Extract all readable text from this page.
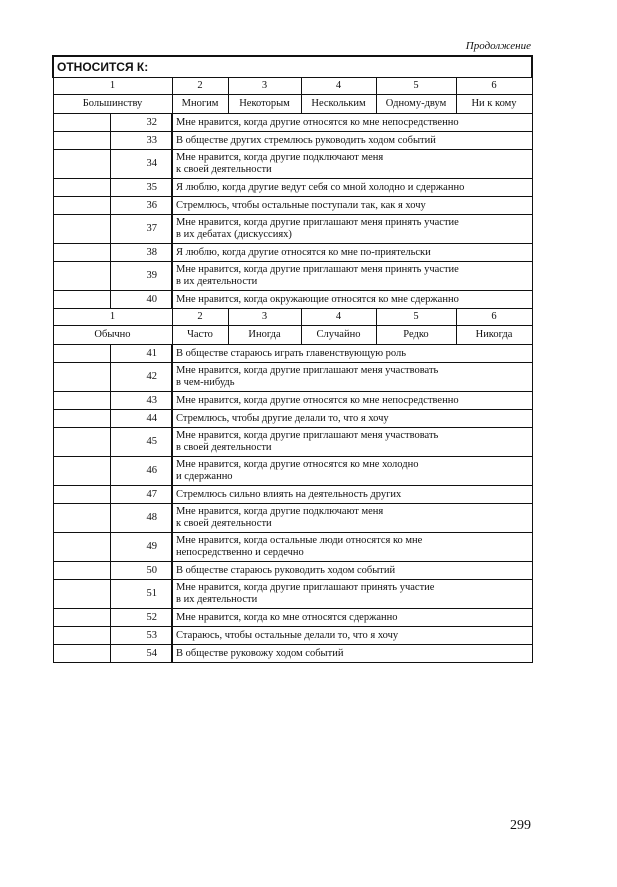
Продолжение
ОТНОСИТСЯ К:						
1		2	3	4	5	6
Большинству		Многим	Некоторым	Нескольким	Одному-двум	Ни к кому
	32	Мне нравится, когда другие относятся ко мне непосредственно				
	33	В обществе других стремлюсь руководить ходом событий				
	34	Мне нравится, когда другие подключают меня
к своей деятельности				
	35	Я люблю, когда другие ведут себя со мной холодно и сдержанно				
	36	Стремлюсь, чтобы остальные поступали так, как я хочу				
	37	Мне нравится, когда другие приглашают меня принять участие
в их дебатах (дискуссиях)				
	38	Я люблю, когда другие относятся ко мне по-приятельски				
	39	Мне нравится, когда другие приглашают меня принять участие
в их деятельности				
	40	Мне нравится, когда окружающие относятся ко мне сдержанно				
1		2	3	4	5	6
Обычно		Часто	Иногда	Случайно	Редко	Никогда
	41	В обществе стараюсь играть главенствующую роль				
	42	Мне нравится, когда другие приглашают меня участвовать
в чем-нибудь				
	43	Мне нравится, когда другие относятся ко мне непосредственно				
	44	Стремлюсь, чтобы другие делали то, что я хочу				
	45	Мне нравится, когда другие приглашают меня участвовать
в своей деятельности				
	46	Мне нравится, когда другие относятся ко мне холодно
и сдержанно				
	47	Стремлюсь сильно влиять на деятельность других				
	48	Мне нравится, когда другие подключают меня
к своей деятельности				
	49	Мне нравится, когда остальные люди относятся ко мне
непосредственно и сердечно				
	50	В обществе стараюсь руководить ходом событий				
	51	Мне нравится, когда другие приглашают принять участие
в их деятельности				
	52	Мне нравится, когда ко мне относятся сдержанно				
	53	Стараюсь, чтобы остальные делали то, что я хочу				
	54	В обществе руковожу ходом событий				
299
